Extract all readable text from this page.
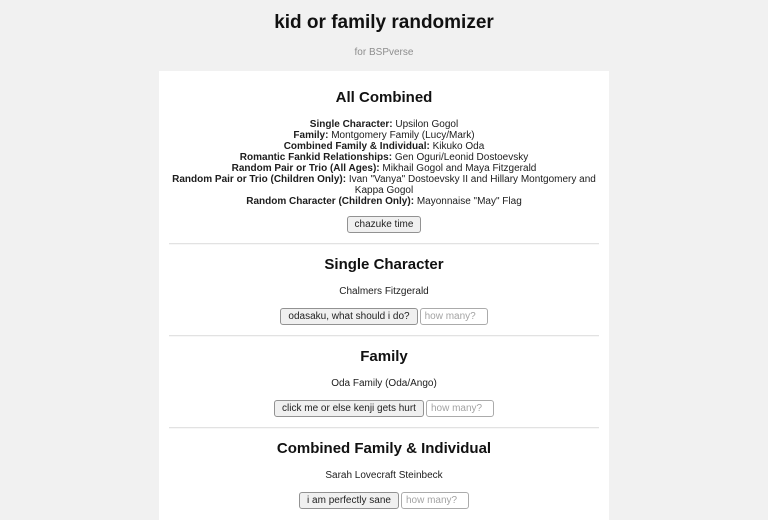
kid or family randomizer
for BSPverse
All Combined
Single Character: Upsilon Gogol
Family: Montgomery Family (Lucy/Mark)
Combined Family & Individual: Kikuko Oda
Romantic Fankid Relationships: Gen Oguri/Leonid Dostoevsky
Random Pair or Trio (All Ages): Mikhail Gogol and Maya Fitzgerald
Random Pair or Trio (Children Only): Ivan "Vanya" Dostoevsky II and Hillary Montgomery and Kappa Gogol
Random Character (Children Only): Mayonnaise "May" Flag
chazuke time
Single Character
Chalmers Fitzgerald
odasaku, what should i do?how many?
Family
Oda Family (Oda/Ango)
click me or else kenji gets hurthow many?
Combined Family & Individual
Sarah Lovecraft Steinbeck
i am perfectly sanehow many?
